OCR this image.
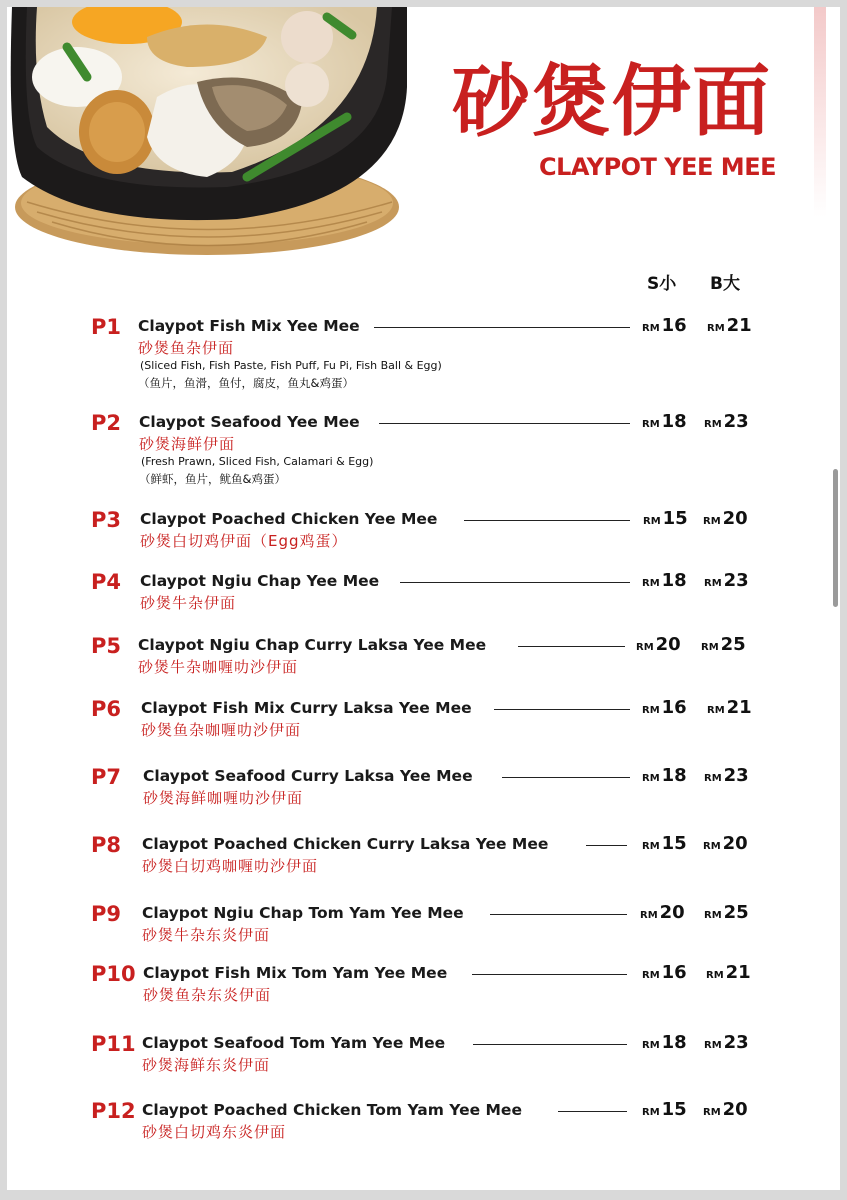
砂煲伊面
CLAYPOT YEE MEE
S小 B大
P1 Claypot Fish Mix Yee Mee
砂煲鱼杂伊面
(Sliced Fish, Fish Paste, Fish Puff, Fu Pi, Fish Ball & Egg)
（鱼片，鱼滑，鱼付，腐皮，鱼丸&鸡蛋）
RM 16 RM 21
P2 Claypot Seafood Yee Mee
砂煲海鲜伊面
(Fresh Prawn, Sliced Fish, Calamari & Egg)
（鲜虾，鱼片，鱿鱼&鸡蛋）
RM 18 RM 23
P3 Claypot Poached Chicken Yee Mee
砂煲白切鸡伊面（Egg鸡蛋）
RM 15 RM 20
P4 Claypot Ngiu Chap Yee Mee
砂煲牛杂伊面
RM 18 RM 23
P5 Claypot Ngiu Chap Curry Laksa Yee Mee
砂煲牛杂咖喱叻沙伊面
RM 20 RM 25
P6 Claypot Fish Mix Curry Laksa Yee Mee
砂煲鱼杂咖喱叻沙伊面
RM 16 RM 21
P7 Claypot Seafood Curry Laksa Yee Mee
砂煲海鲜咖喱叻沙伊面
RM 18 RM 23
P8 Claypot Poached Chicken Curry Laksa Yee Mee
砂煲白切鸡咖喱叻沙伊面
RM 15 RM 20
P9 Claypot Ngiu Chap Tom Yam Yee Mee
砂煲牛杂东炎伊面
RM 20 RM 25
P10 Claypot Fish Mix Tom Yam Yee Mee
砂煲鱼杂东炎伊面
RM 16 RM 21
P11 Claypot Seafood Tom Yam Yee Mee
砂煲海鲜东炎伊面
RM 18 RM 23
P12 Claypot Poached Chicken Tom Yam Yee Mee
砂煲白切鸡东炎伊面
RM 15 RM 20
